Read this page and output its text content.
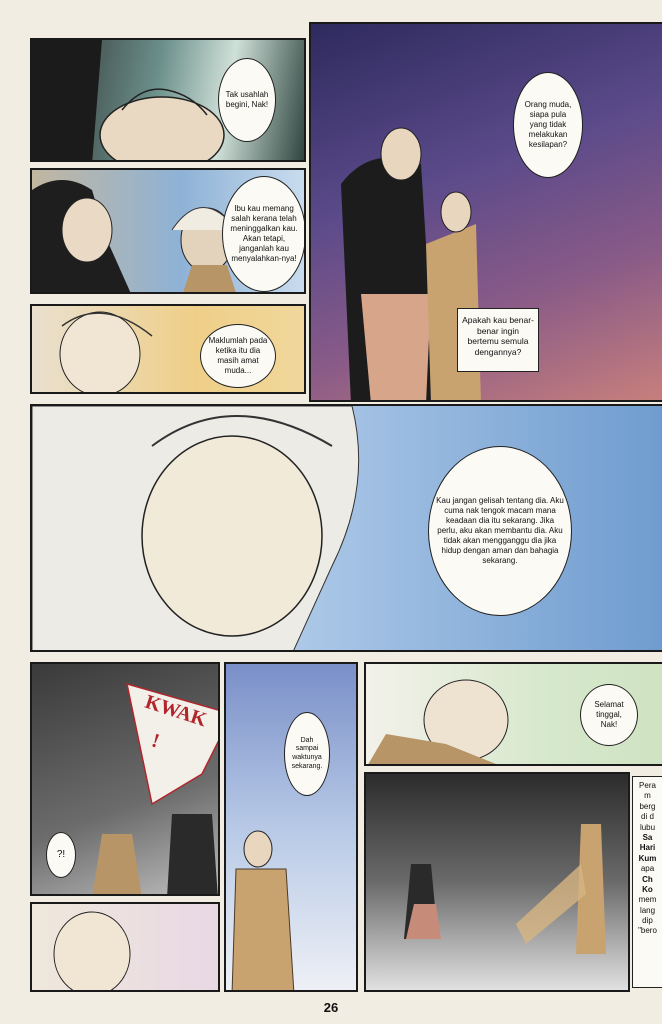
Tak usahlah begini, Nak!
Ibu kau memang salah kerana telah meninggalkan kau. Akan tetapi, janganlah kau menyalahkan-nya!
Maklumlah pada ketika itu dia masih amat muda...
Orang muda, siapa pula yang tidak melakukan kesilapan?
Apakah kau benar-benar ingin bertemu semula dengannya?
Kau jangan gelisah tentang dia. Aku cuma nak tengok macam mana keadaan dia itu sekarang. Jika perlu, aku akan membantu dia. Aku tidak akan mengganggu dia jika hidup dengan aman dan bahagia sekarang.
KWAK
!
?!
Dah sampai waktunya sekarang.
Selamat tinggal, Nak!
Pera
m
berg
di d
lubu
Sa
Hari
Kum
apa
Ch
Ko
mem
lang
dip
"bero
26
